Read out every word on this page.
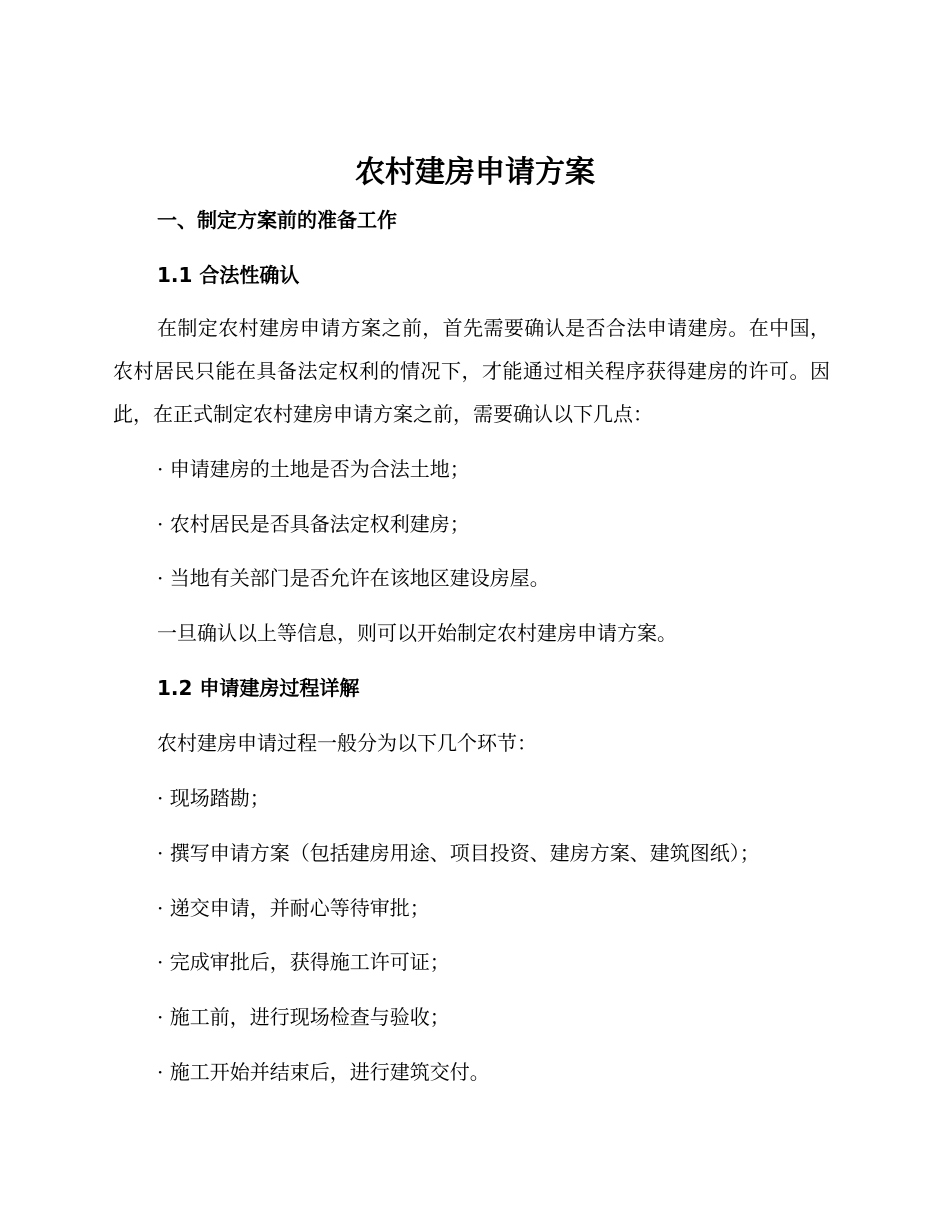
农村建房申请方案
一、制定方案前的准备工作
1.1 合法性确认

在制定农村建房申请方案之前，首先需要确认是否合法申请建房。在中国，农村居民只能在具备法定权利的情况下，才能通过相关程序获得建房的许可。因此，在正式制定农村建房申请方案之前，需要确认以下几点：

· 申请建房的土地是否为合法土地；

· 农村居民是否具备法定权利建房；

· 当地有关部门是否允许在该地区建设房屋。

一旦确认以上等信息，则可以开始制定农村建房申请方案。

1.2 申请建房过程详解

农村建房申请过程一般分为以下几个环节：

· 现场踏勘；

· 撰写申请方案（包括建房用途、项目投资、建房方案、建筑图纸）；

· 递交申请，并耐心等待审批；

· 完成审批后，获得施工许可证；

· 施工前，进行现场检查与验收；

· 施工开始并结束后，进行建筑交付。
